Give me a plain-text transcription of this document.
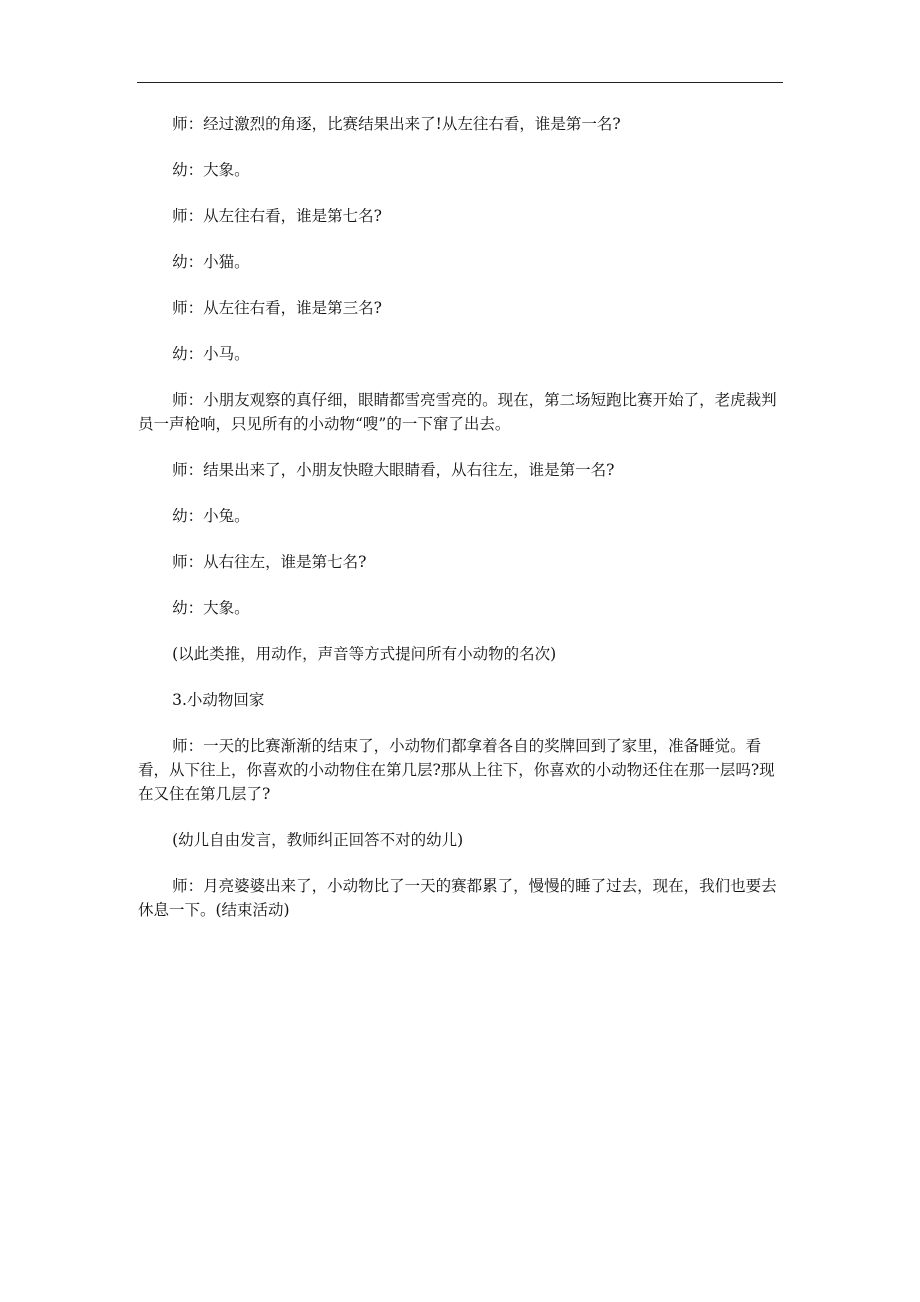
师：经过激烈的角逐，比赛结果出来了!从左往右看，谁是第一名?

幼：大象。

师：从左往右看，谁是第七名?

幼：小猫。

师：从左往右看，谁是第三名?

幼：小马。

师：小朋友观察的真仔细，眼睛都雪亮雪亮的。现在，第二场短跑比赛开始了，老虎裁判员一声枪响，只见所有的小动物“嗖”的一下窜了出去。

师：结果出来了，小朋友快瞪大眼睛看，从右往左，谁是第一名?

幼：小兔。

师：从右往左，谁是第七名?

幼：大象。

(以此类推，用动作，声音等方式提问所有小动物的名次)

3.小动物回家

师：一天的比赛渐渐的结束了，小动物们都拿着各自的奖牌回到了家里，准备睡觉。看看，从下往上，你喜欢的小动物住在第几层?那从上往下，你喜欢的小动物还住在那一层吗?现在又住在第几层了?

(幼儿自由发言，教师纠正回答不对的幼儿)

师：月亮婆婆出来了，小动物比了一天的赛都累了，慢慢的睡了过去，现在，我们也要去休息一下。(结束活动)
